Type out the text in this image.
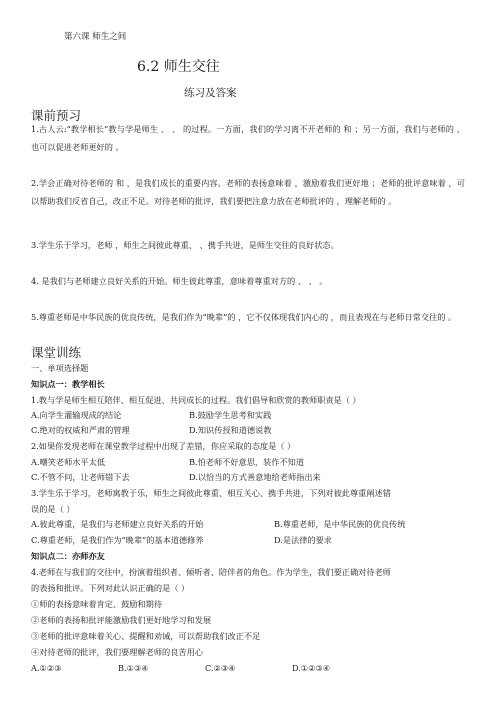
第六课 师生之间
6.2 师生交往
练习及答案
课前预习
1.古人云:“教学相长”教与学是师生 、 、 的过程。一方面，我们的学习离不开老师的 和 ；另一方面，我们与老师的 ，也可以促进老师更好的 。
2.学会正确对待老师的 和 ，是我们成长的重要内容。老师的表扬意味着 ，激励着我们更好地 ；老师的批评意味着 ，可以帮助我们反省自己，改正不足。对待老师的批评，我们要把注意力放在老师批评的 ，理解老师的 。
3.学生乐于学习，老师 ，师生之间彼此尊重、 、携手共进，是师生交往的良好状态。
4. 是我们与老师建立良好关系的开始。师生彼此尊重，意味着尊重对方的 、 、 。
5.尊重老师是中华民族的优良传统，是我们作为“晚辈”的 ，它不仅体现我们内心的 ，而且表现在与老师日常交往的 。
课堂训练
一、单项选择题
知识点一：教学相长
1.教与学是师生相互陪伴、相互促进、共同成长的过程。我们倡导和欣赏的教师职责是（ ）
A.向学生灌输现成的结论	B.鼓励学生思考和实践
C.绝对的权威和严肃的管理	D.知识传授和道德说教
2.如果你发现老师在课堂教学过程中出现了差错，你应采取的态度是（ ）
A.嘲笑老师水平太低	B.怕老师不好意思，装作不知道
C.不管不问，让老师错下去	D.以恰当的方式善意地给老师指出来
3.学生乐于学习，老师寓教于乐，师生之间彼此尊重、相互关心、携手共进，下列对彼此尊重阐述错
误的是（ ）
A.彼此尊重，是我们与老师建立良好关系的开始	B.尊重老师，是中华民族的优良传统
C.尊重老师，是我们作为“晚辈”的基本道德修养	D.是法律的要求
知识点二：亦师亦友
4.老师在与我们的交往中，扮演着组织者、倾听者、陪伴者的角色。作为学生，我们要正确对待老师
的表扬和批评。下列对此认识正确的是（ ）
①师的表扬意味着肯定、鼓励和期待
②老师的表扬和批评能激励我们更好地学习和发展
③老师的批评意味着关心、提醒和劝诫，可以帮助我们改正不足
④对待老师的批评，我们要理解老师的良苦用心
A.①②③	B.①③④	C.②③④	D.①②③④
